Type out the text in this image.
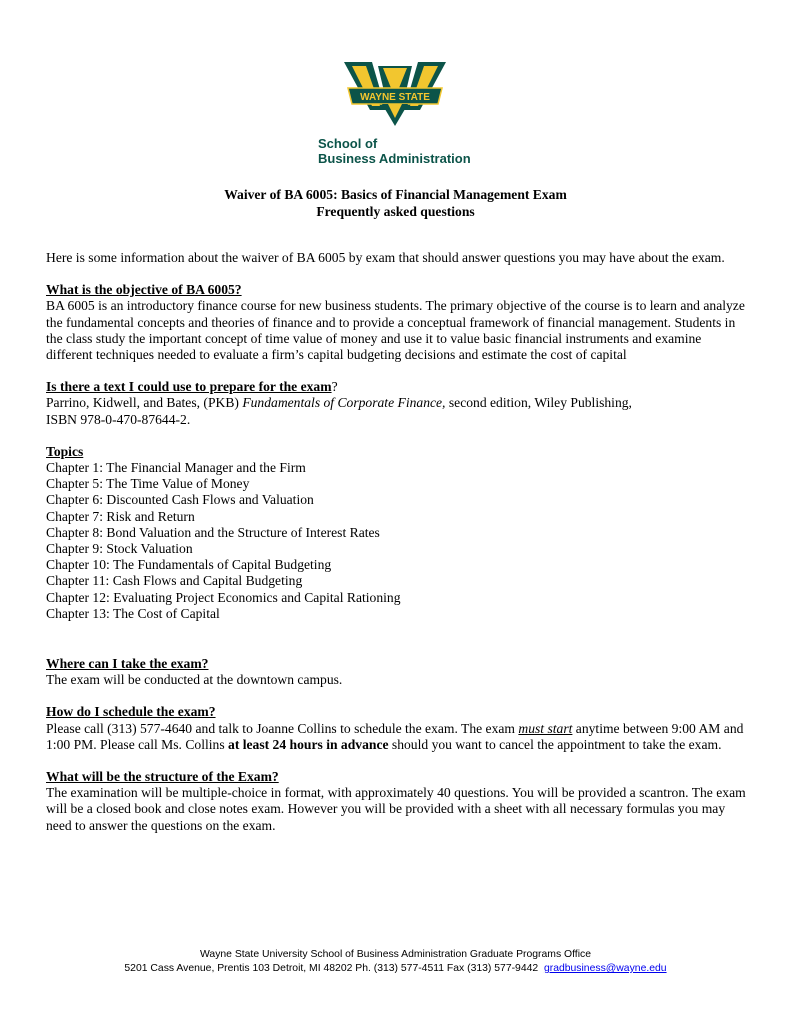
WAYNE STATE
School of
Business Administration
Waiver of BA 6005: Basics of Financial Management Exam
Frequently asked questions

Here is some information about the waiver of BA 6005 by exam that should answer questions you may have about the exam.

What is the objective of BA 6005?

BA 6005 is an introductory finance course for new business students. The primary objective of the course is to learn and analyze the fundamental concepts and theories of finance and to provide a conceptual framework of financial management. Students in the class study the important concept of time value of money and use it to value basic financial instruments and examine different techniques needed to evaluate a firm’s capital budgeting decisions and estimate the cost of capital

Is there a text I could use to prepare for the exam?

Parrino, Kidwell, and Bates, (PKB) Fundamentals of Corporate Finance, second edition, Wiley Publishing,

ISBN 978-0-470-87644-2.

Topics

Chapter 1: The Financial Manager and the Firm

Chapter 5: The Time Value of Money

Chapter 6: Discounted Cash Flows and Valuation

Chapter 7: Risk and Return

Chapter 8: Bond Valuation and the Structure of Interest Rates

Chapter 9: Stock Valuation

Chapter 10: The Fundamentals of Capital Budgeting

Chapter 11: Cash Flows and Capital Budgeting

Chapter 12: Evaluating Project Economics and Capital Rationing

Chapter 13: The Cost of Capital

Where can I take the exam?

The exam will be conducted at the downtown campus.

How do I schedule the exam?

Please call (313) 577-4640 and talk to Joanne Collins to schedule the exam. The exam must start anytime between 9:00 AM and 1:00 PM. Please call Ms. Collins at least 24 hours in advance should you want to cancel the appointment to take the exam.

What will be the structure of the Exam?

The examination will be multiple-choice in format, with approximately 40 questions. You will be provided a scantron. The exam will be a closed book and close notes exam. However you will be provided with a sheet with all necessary formulas you may need to answer the questions on the exam.

Wayne State University School of Business Administration Graduate Programs Office
5201 Cass Avenue, Prentis 103 Detroit, MI 48202 Ph. (313) 577-4511 Fax (313) 577-9442  gradbusiness@wayne.edu
